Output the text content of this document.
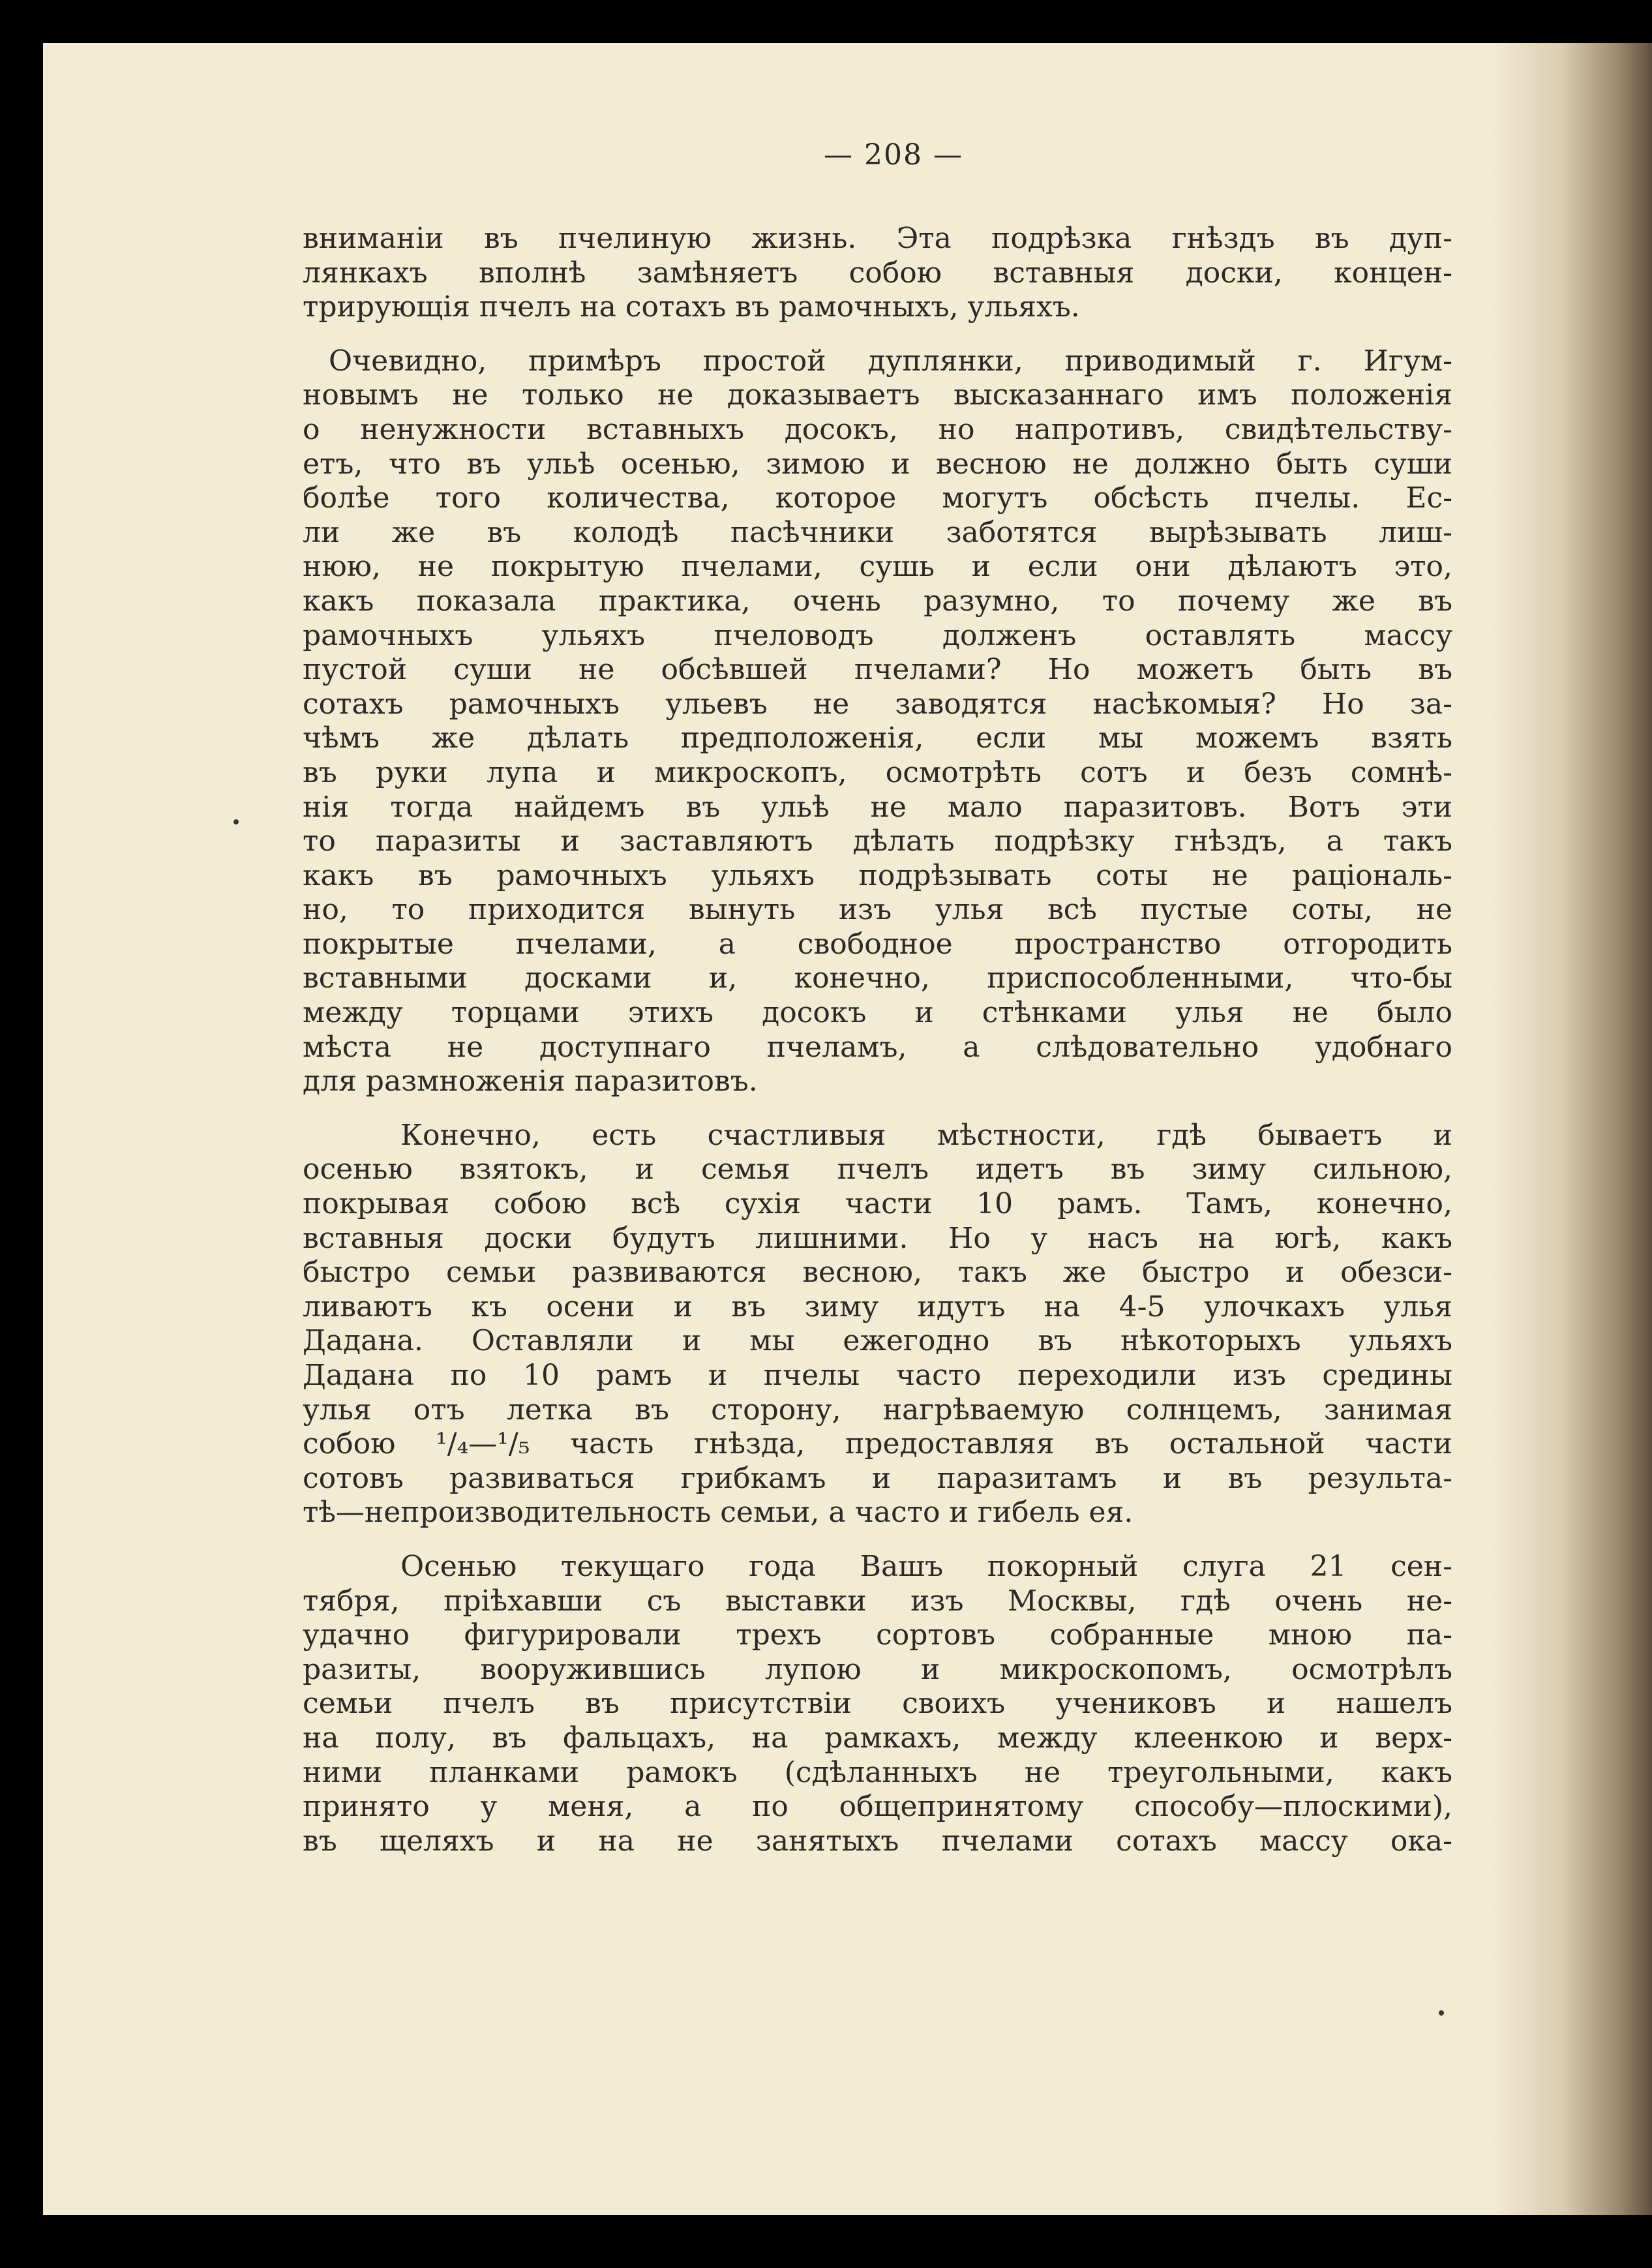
— 208 —
вниманіи въ пчелиную жизнь. Эта подрѣзка гнѣздъ въ дуп-
лянкахъ вполнѣ замѣняетъ собою вставныя доски, концен-
трирующія пчелъ на сотахъ въ рамочныхъ, ульяхъ.
Очевидно, примѣръ простой дуплянки, приводимый г. Игум-
новымъ не только не доказываетъ высказаннаго имъ положенія
о ненужности вставныхъ досокъ, но напротивъ, свидѣтельству-
етъ, что въ ульѣ осенью, зимою и весною не должно быть суши
болѣе того количества, которое могутъ обсѣсть пчелы. Ес-
ли же въ колодѣ пасѣчники заботятся вырѣзывать лиш-
нюю, не покрытую пчелами, сушь и если они дѣлаютъ это,
какъ показала практика, очень разумно, то почему же въ
рамочныхъ ульяхъ пчеловодъ долженъ оставлять массу
пустой суши не обсѣвшей пчелами? Но можетъ быть въ
сотахъ рамочныхъ ульевъ не заводятся насѣкомыя? Но за-
чѣмъ же дѣлать предположенія, если мы можемъ взять
въ руки лупа и микроскопъ, осмотрѣть сотъ и безъ сомнѣ-
нія тогда найдемъ въ ульѣ не мало паразитовъ. Вотъ эти
то паразиты и заставляютъ дѣлать подрѣзку гнѣздъ, а такъ
какъ въ рамочныхъ ульяхъ подрѣзывать соты не раціональ-
но, то приходится вынуть изъ улья всѣ пустые соты, не
покрытые пчелами, а свободное пространство отгородить
вставными досками и, конечно, приспособленными, что-бы
между торцами этихъ досокъ и стѣнками улья не было
мѣста не доступнаго пчеламъ, а слѣдовательно удобнаго
для размноженія паразитовъ.
Конечно, есть счастливыя мѣстности, гдѣ бываетъ и
осенью взятокъ, и семья пчелъ идетъ въ зиму сильною,
покрывая собою всѣ сухія части 10 рамъ. Тамъ, конечно,
вставныя доски будутъ лишними. Но у насъ на югѣ, какъ
быстро семьи развиваются весною, такъ же быстро и обезси-
ливаютъ къ осени и въ зиму идутъ на 4-5 улочкахъ улья
Дадана. Оставляли и мы ежегодно въ нѣкоторыхъ ульяхъ
Дадана по 10 рамъ и пчелы часто переходили изъ средины
улья отъ летка въ сторону, нагрѣваемую солнцемъ, занимая
собою ¹/₄—¹/₅ часть гнѣзда, предоставляя въ остальной части
сотовъ развиваться грибкамъ и паразитамъ и въ результа-
тѣ—непроизводительность семьи, а часто и гибель ея.
Осенью текущаго года Вашъ покорный слуга 21 сен-
тября, пріѣхавши съ выставки изъ Москвы, гдѣ очень не-
удачно фигурировали трехъ сортовъ собранные мною па-
разиты, вооружившись лупою и микроскопомъ, осмотрѣлъ
семьи пчелъ въ присутствіи своихъ учениковъ и нашелъ
на полу, въ фальцахъ, на рамкахъ, между клеенкою и верх-
ними планками рамокъ (сдѣланныхъ не треугольными, какъ
принято у меня, а по общепринятому способу—плоскими),
въ щеляхъ и на не занятыхъ пчелами сотахъ массу ока-
